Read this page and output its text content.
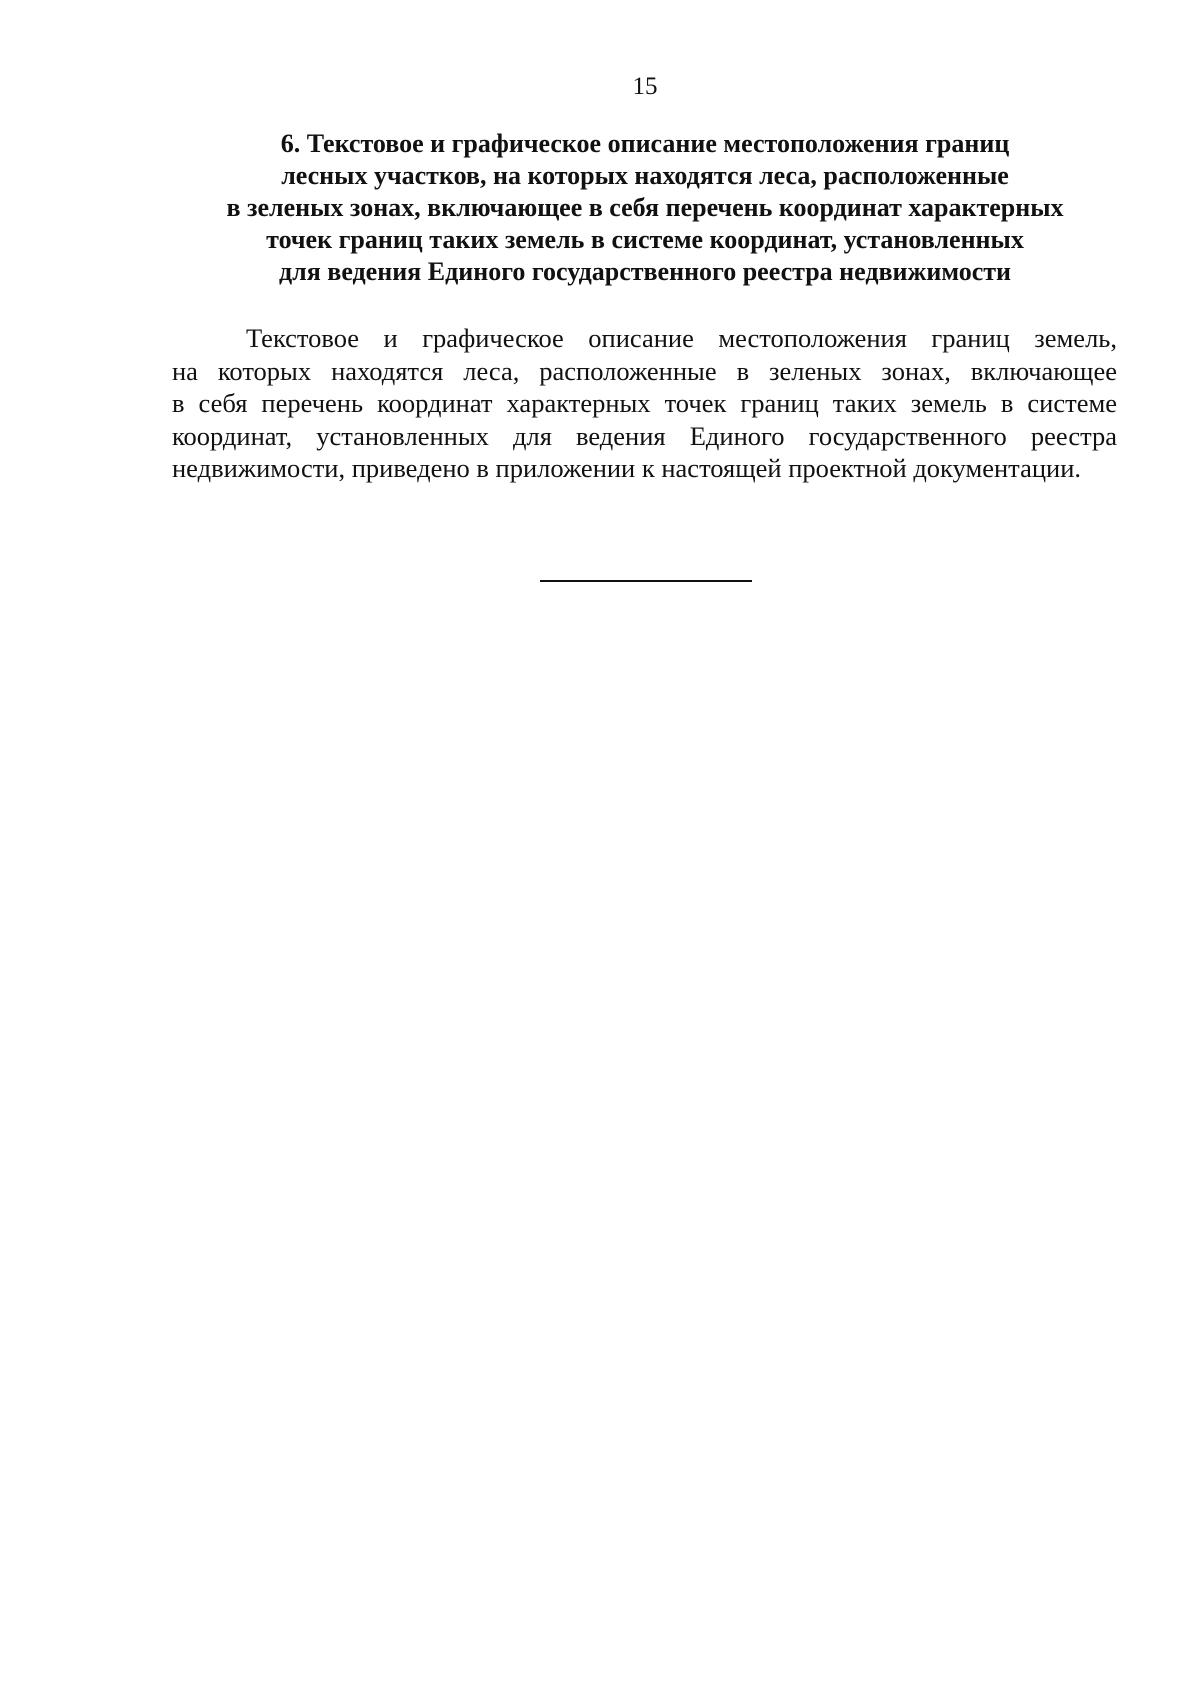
15
6. Текстовое и графическое описание местоположения границ
лесных участков, на которых находятся леса, расположенные
в зеленых зонах, включающее в себя перечень координат характерных
точек границ таких земель в системе координат, установленных
для ведения Единого государственного реестра недвижимости

Текстовое и графическое описание местоположения границ земель,
на которых находятся леса, расположенные в зеленых зонах, включающее
в себя перечень координат характерных точек границ таких земель в системе
координат, установленных для ведения Единого государственного реестра
недвижимости, приведено в приложении к настоящей проектной документации.
